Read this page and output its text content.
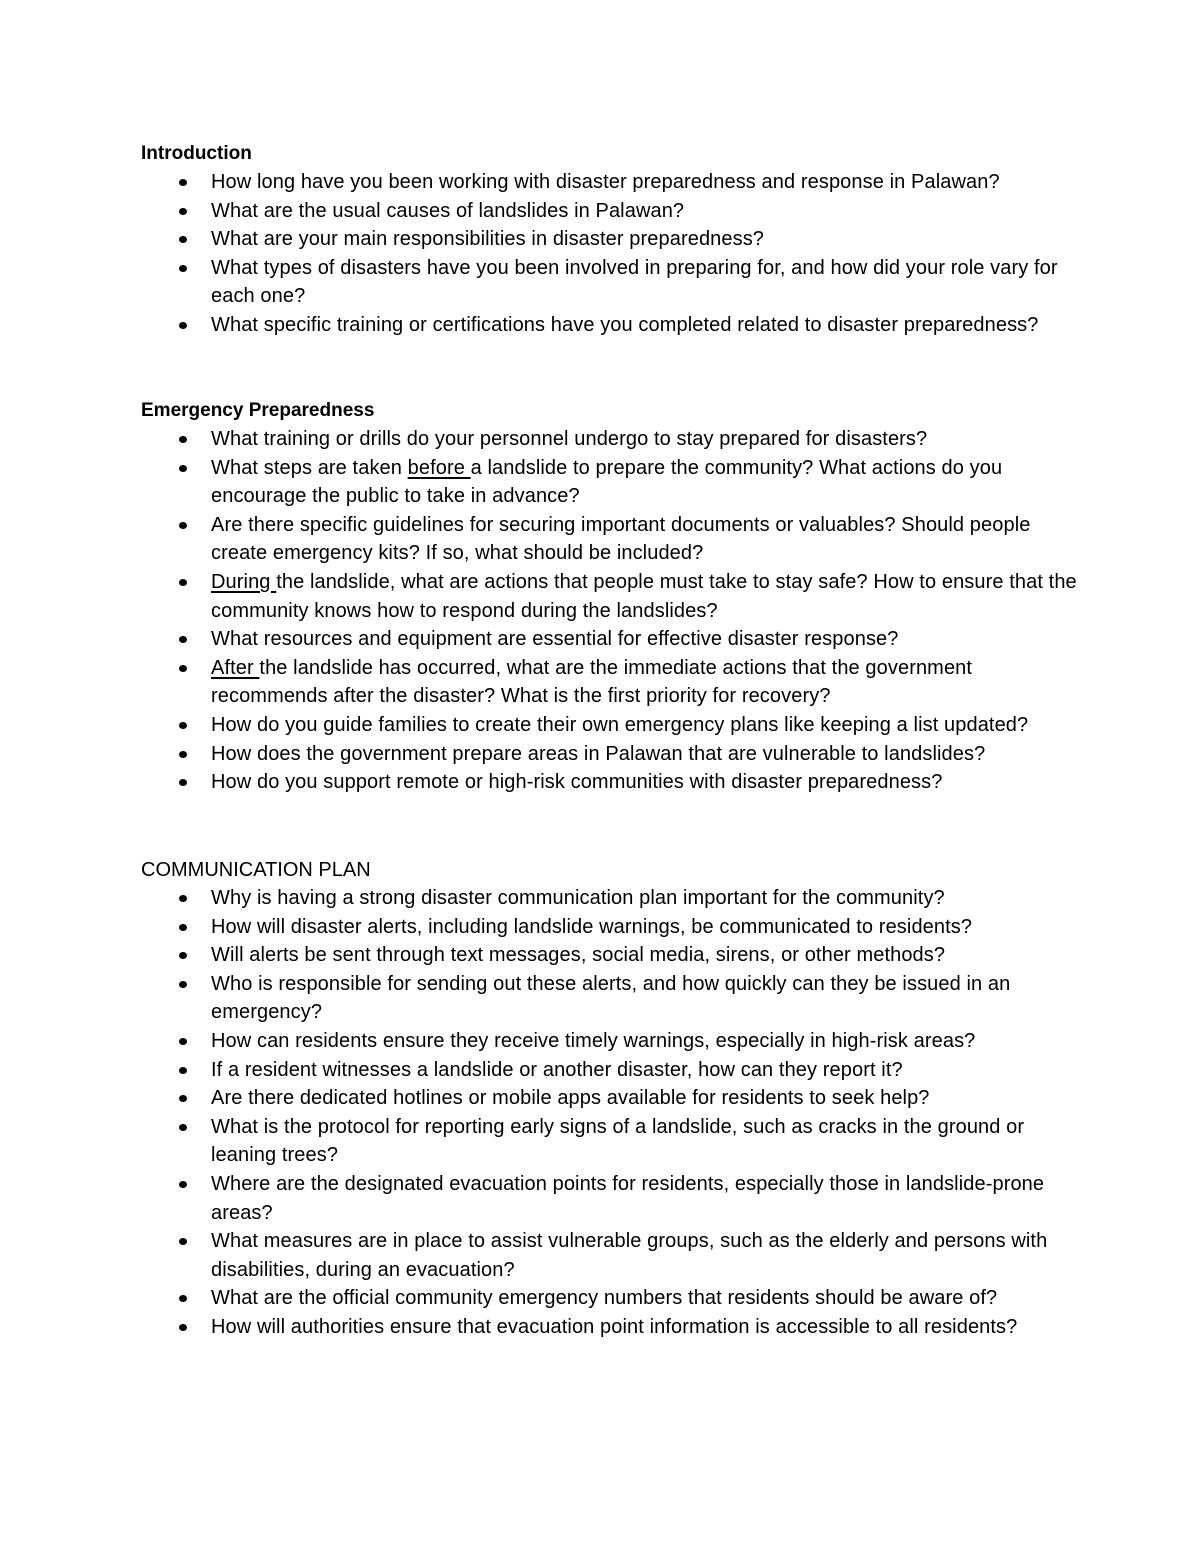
Introduction
How long have you been working with disaster preparedness and response in Palawan?
What are the usual causes of landslides in Palawan?
What are your main responsibilities in disaster preparedness?
What types of disasters have you been involved in preparing for, and how did your role vary for each one?
What specific training or certifications have you completed related to disaster preparedness?
Emergency Preparedness
What training or drills do your personnel undergo to stay prepared for disasters?
What steps are taken before a landslide to prepare the community? What actions do you encourage the public to take in advance?
Are there specific guidelines for securing important documents or valuables? Should people create emergency kits? If so, what should be included?
During the landslide, what are actions that people must take to stay safe? How to ensure that the community knows how to respond during the landslides?
What resources and equipment are essential for effective disaster response?
After the landslide has occurred, what are the immediate actions that the government recommends after the disaster? What is the first priority for recovery?
How do you guide families to create their own emergency plans like keeping a list updated?
How does the government prepare areas in Palawan that are vulnerable to landslides?
How do you support remote or high-risk communities with disaster preparedness?
COMMUNICATION PLAN
Why is having a strong disaster communication plan important for the community?
How will disaster alerts, including landslide warnings, be communicated to residents?
Will alerts be sent through text messages, social media, sirens, or other methods?
Who is responsible for sending out these alerts, and how quickly can they be issued in an emergency?
How can residents ensure they receive timely warnings, especially in high-risk areas?
If a resident witnesses a landslide or another disaster, how can they report it?
Are there dedicated hotlines or mobile apps available for residents to seek help?
What is the protocol for reporting early signs of a landslide, such as cracks in the ground or leaning trees?
Where are the designated evacuation points for residents, especially those in landslide-prone areas?
What measures are in place to assist vulnerable groups, such as the elderly and persons with disabilities, during an evacuation?
What are the official community emergency numbers that residents should be aware of?
How will authorities ensure that evacuation point information is accessible to all residents?
